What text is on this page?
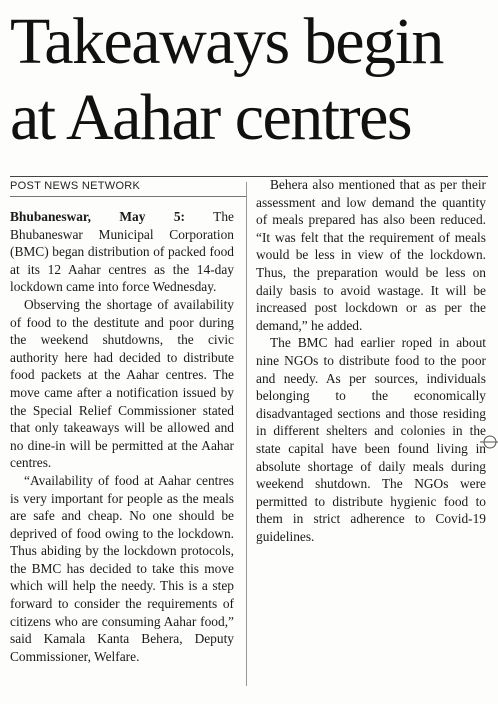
Takeaways begin
at Aahar centres
POST NEWS NETWORK

Bhubaneswar, May 5: The Bhubaneswar Municipal Corporation (BMC) began distribution of packed food at its 12 Aahar centres as the 14-day lockdown came into force Wednesday.

Observing the shortage of availability of food to the destitute and poor during the weekend shutdowns, the civic authority here had decided to distribute food packets at the Aahar centres. The move came after a notification issued by the Special Relief Commissioner stated that only takeaways will be allowed and no dine-in will be permitted at the Aahar centres.

“Availability of food at Aahar centres is very important for people as the meals are safe and cheap. No one should be deprived of food owing to the lockdown. Thus abiding by the lockdown protocols, the BMC has decided to take this move which will help the needy. This is a step forward to consider the requirements of citizens who are consuming Aahar food,” said Kamala Kanta Behera, Deputy Commissioner, Welfare.

Behera also mentioned that as per their assessment and low demand the quantity of meals prepared has also been reduced. “It was felt that the requirement of meals would be less in view of the lockdown. Thus, the preparation would be less on daily basis to avoid wastage. It will be increased post lockdown or as per the demand,” he added.

The BMC had earlier roped in about nine NGOs to distribute food to the poor and needy. As per sources, individuals belonging to the economically disadvantaged sections and those residing in different shelters and colonies in the state capital have been found living in absolute shortage of daily meals during weekend shutdown. The NGOs were permitted to distribute hygienic food to them in strict adherence to Covid-19 guidelines.
